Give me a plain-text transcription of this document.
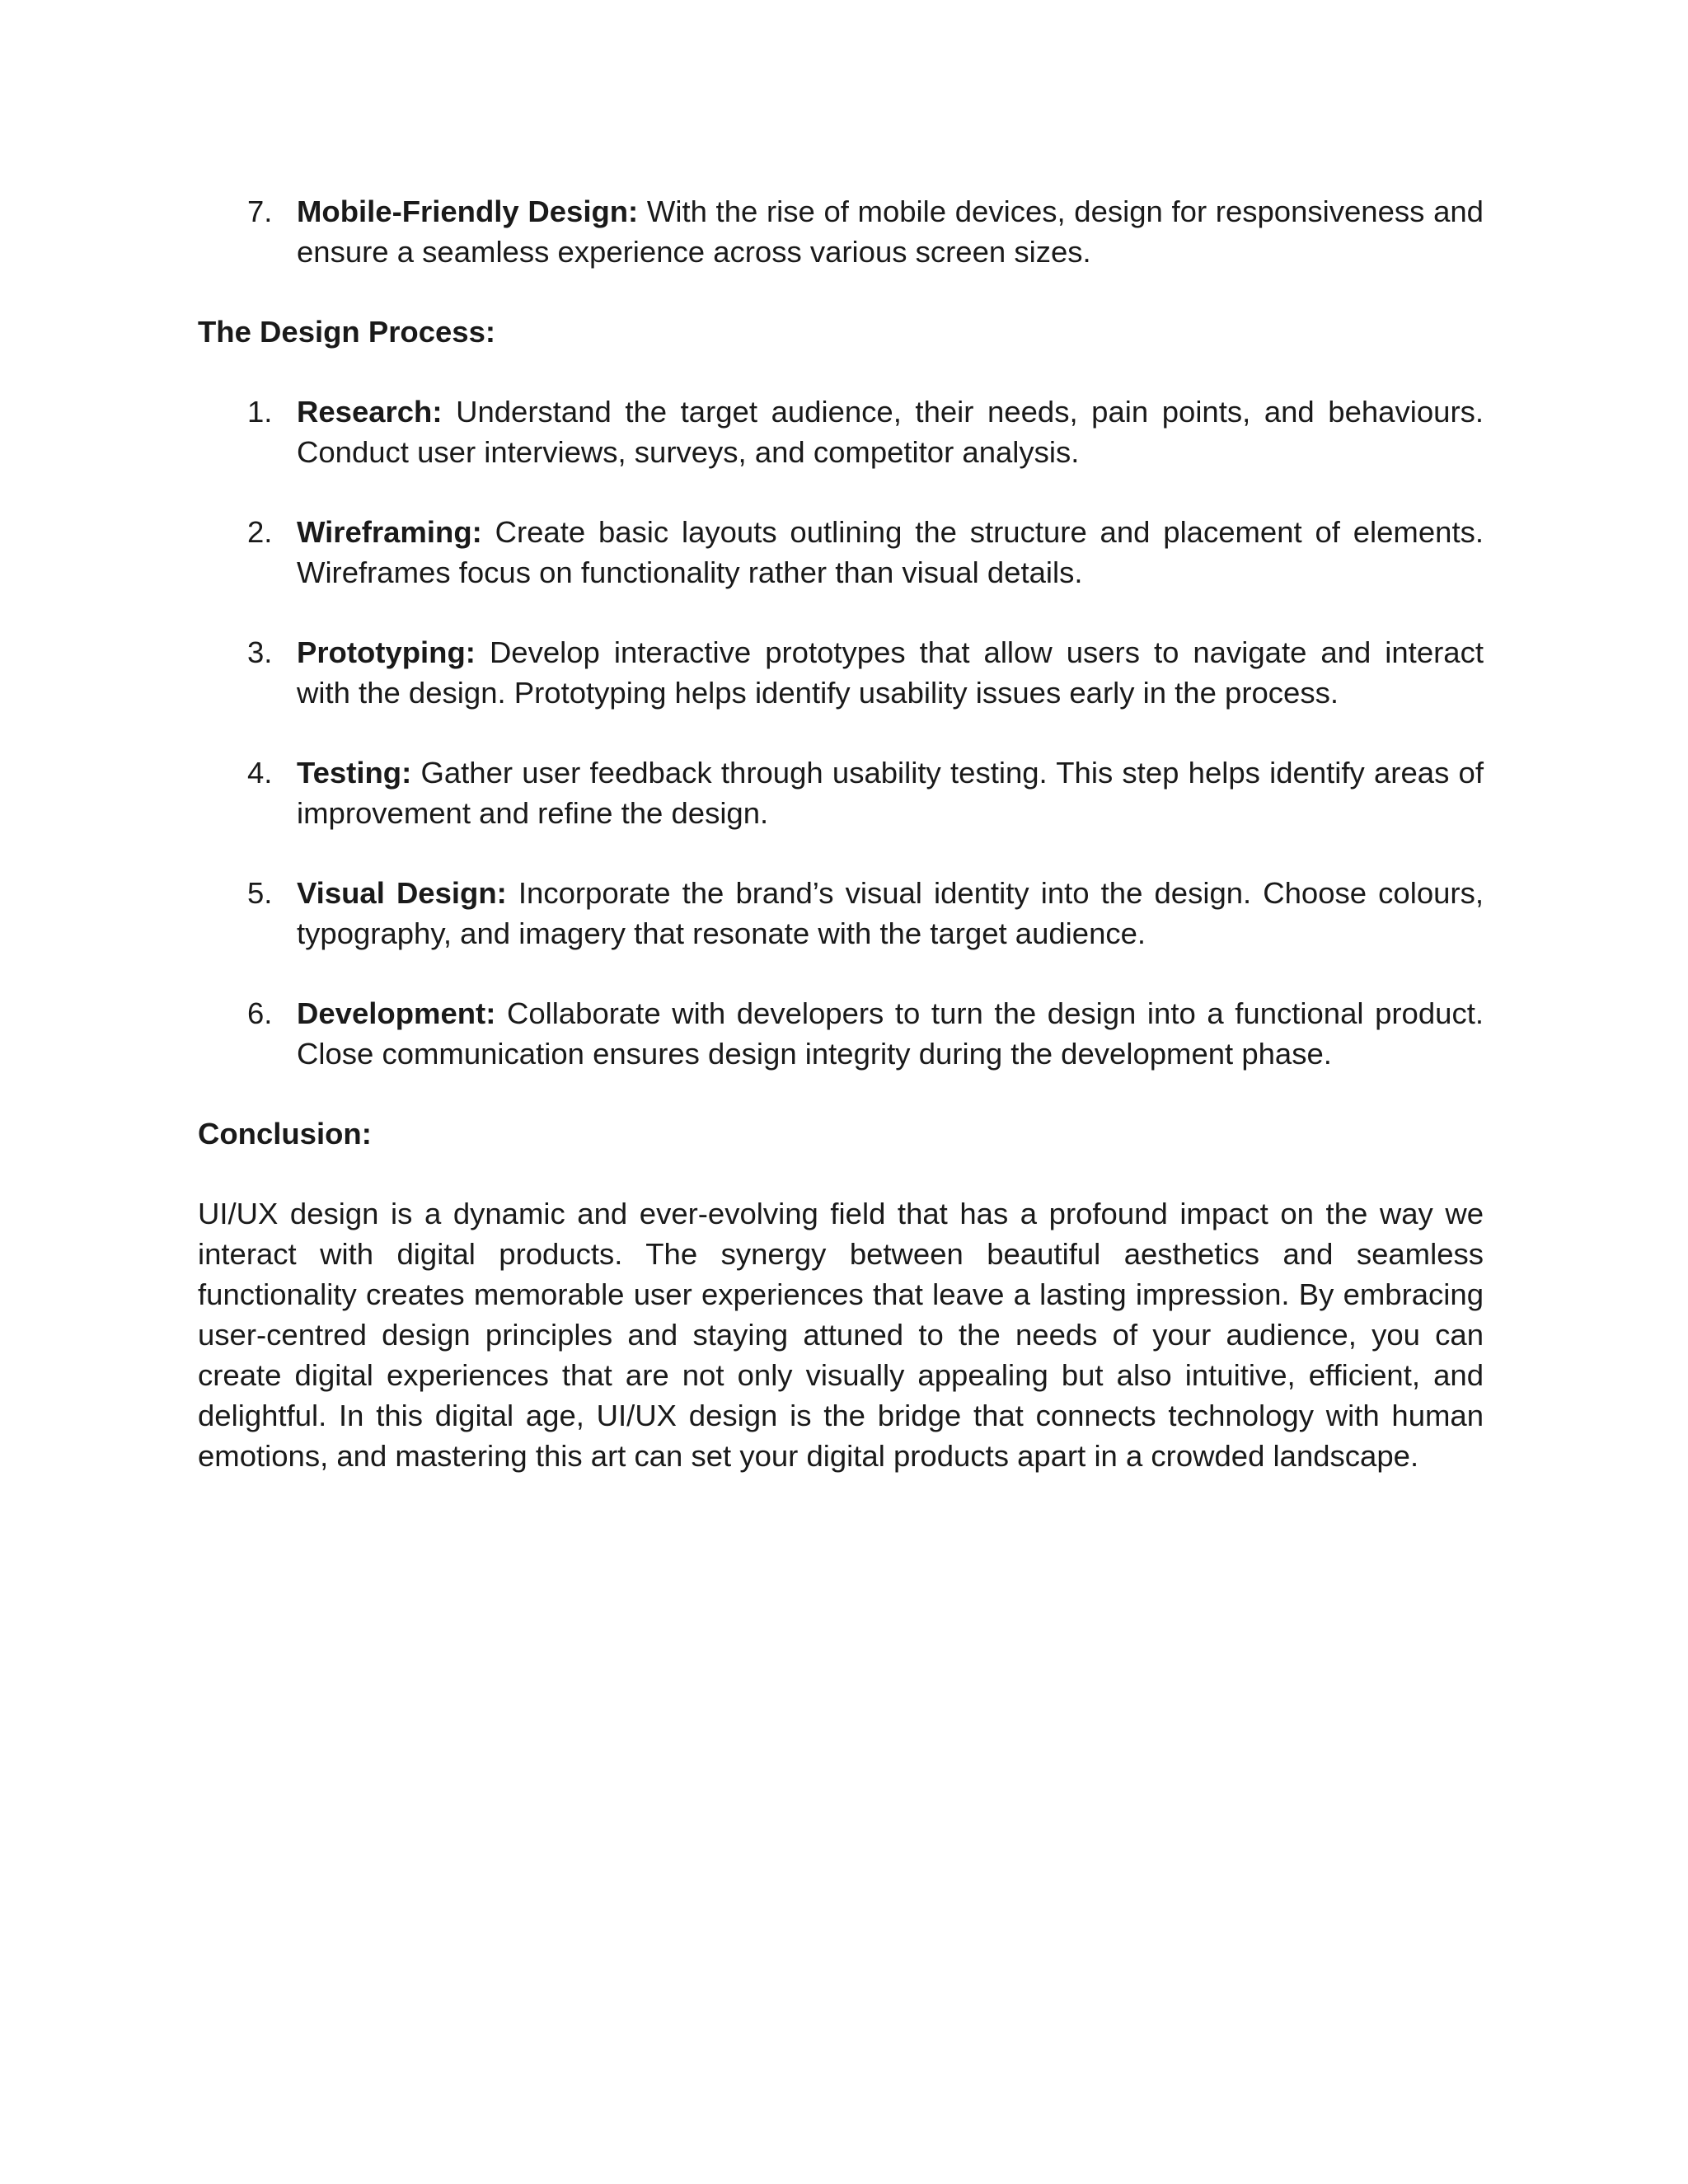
7. Mobile-Friendly Design: With the rise of mobile devices, design for responsiveness and ensure a seamless experience across various screen sizes.
The Design Process:
1. Research: Understand the target audience, their needs, pain points, and behaviours. Conduct user interviews, surveys, and competitor analysis.
2. Wireframing: Create basic layouts outlining the structure and placement of elements. Wireframes focus on functionality rather than visual details.
3. Prototyping: Develop interactive prototypes that allow users to navigate and interact with the design. Prototyping helps identify usability issues early in the process.
4. Testing: Gather user feedback through usability testing. This step helps identify areas of improvement and refine the design.
5. Visual Design: Incorporate the brand’s visual identity into the design. Choose colours, typography, and imagery that resonate with the target audience.
6. Development: Collaborate with developers to turn the design into a functional product. Close communication ensures design integrity during the development phase.
Conclusion:

UI/UX design is a dynamic and ever-evolving field that has a profound impact on the way we interact with digital products. The synergy between beautiful aesthetics and seamless functionality creates memorable user experiences that leave a lasting impression. By embracing user-centred design principles and staying attuned to the needs of your audience, you can create digital experiences that are not only visually appealing but also intuitive, efficient, and delightful. In this digital age, UI/UX design is the bridge that connects technology with human emotions, and mastering this art can set your digital products apart in a crowded landscape.
